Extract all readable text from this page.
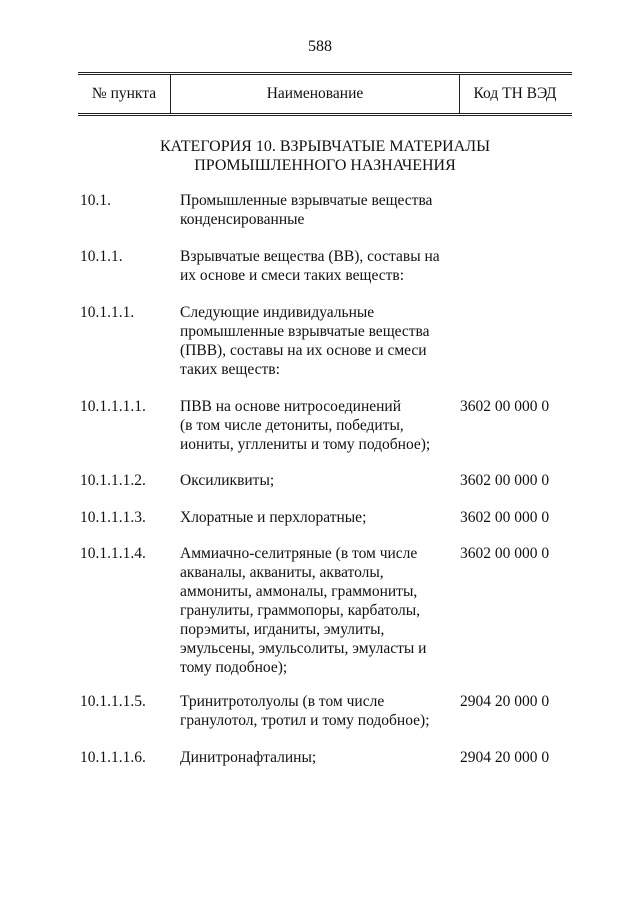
588
№ пункта	Наименование	Код ТН ВЭД
КАТЕГОРИЯ 10. ВЗРЫВЧАТЫЕ МАТЕРИАЛЫ
ПРОМЫШЛЕННОГО НАЗНАЧЕНИЯ
10.1.	Промышленные взрывчатые вещества
конденсированные
10.1.1.	Взрывчатые вещества (ВВ), составы на
их основе и смеси таких веществ:
10.1.1.1.	Следующие индивидуальные
промышленные взрывчатые вещества
(ПВВ), составы на их основе и смеси
таких веществ:
10.1.1.1.1. ПВВ на основе нитросоединений
(в том числе детониты, победиты,
иониты, угллениты и тому подобное);
3602 00 000 0
10.1.1.1.2. Оксиликвиты;	3602 00 000 0
10.1.1.1.3. Хлоратные и перхлоратные;	3602 00 000 0
10.1.1.1.4. Аммиачно-селитряные (в том числе
акваналы, акваниты, акватолы,
аммониты, аммоналы, граммониты,
гранулиты, граммопоры, карбатолы,
порэмиты, игданиты, эмулиты,
эмульсены, эмульсолиты, эмуласты и
тому подобное);
3602 00 000 0
10.1.1.1.5. Тринитротолуолы (в том числе
гранулотол, тротил и тому подобное);
2904 20 000 0
10.1.1.1.6. Динитронафталины;	2904 20 000 0
